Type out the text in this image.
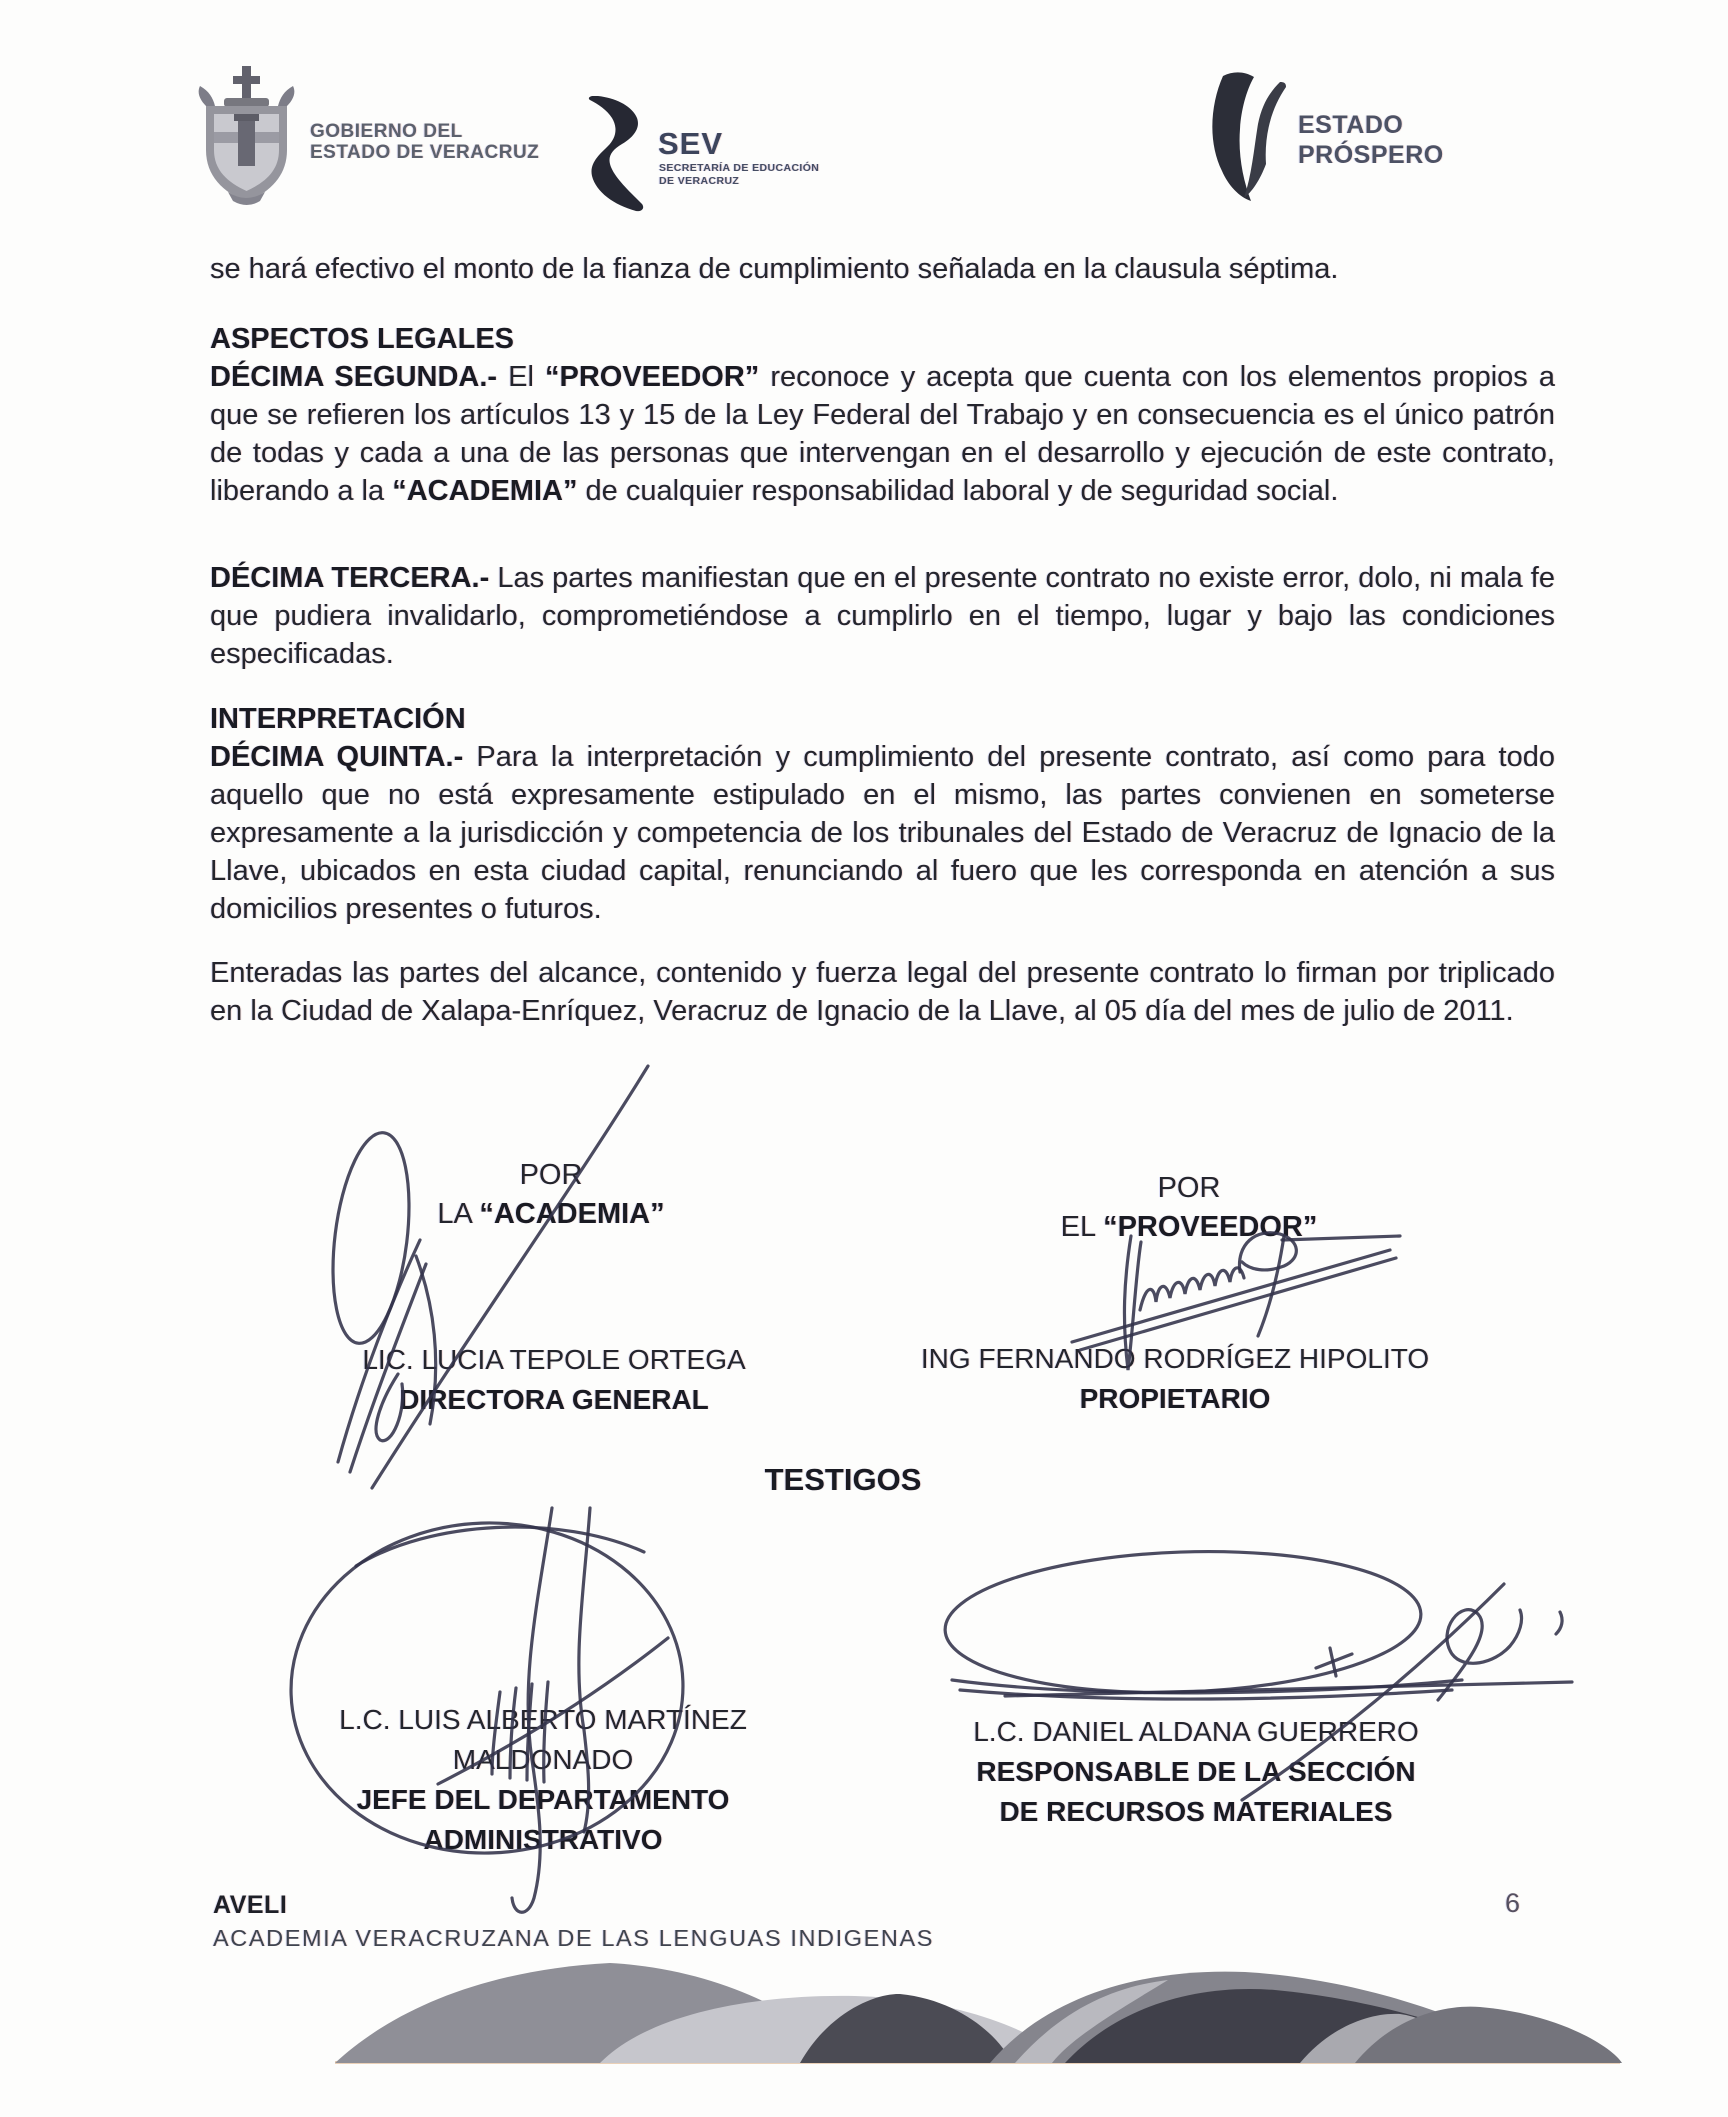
GOBIERNO DEL
ESTADO DE VERACRUZ	SEV
SECRETARÍA DE EDUCACIÓN
DE VERACRUZ
ESTADO
PRÓSPERO
se hará efectivo el monto de la fianza de cumplimiento señalada en la clausula séptima.
ASPECTOS LEGALES
DÉCIMA SEGUNDA.- El “PROVEEDOR” reconoce y acepta que cuenta con los elementos propios a que se refieren los artículos 13 y 15 de la Ley Federal del Trabajo y en consecuencia es el único patrón de todas y cada a una de las personas que intervengan en el desarrollo y ejecución de este contrato, liberando a la “ACADEMIA” de cualquier responsabilidad laboral y de seguridad social.
DÉCIMA TERCERA.- Las partes manifiestan que en el presente contrato no existe error, dolo, ni mala fe que pudiera invalidarlo, comprometiéndose a cumplirlo en el tiempo, lugar y bajo las condiciones especificadas.
INTERPRETACIÓN
DÉCIMA QUINTA.- Para la interpretación y cumplimiento del presente contrato, así como para todo aquello que no está expresamente estipulado en el mismo, las partes convienen en someterse expresamente a la jurisdicción y competencia de los tribunales del Estado de Veracruz de Ignacio de la Llave, ubicados en esta ciudad capital, renunciando al fuero que les corresponda en atención a sus domicilios presentes o futuros.
Enteradas las partes del alcance, contenido y fuerza legal del presente contrato lo firman por triplicado en la Ciudad de Xalapa-Enríquez, Veracruz de Ignacio de la Llave, al 05 día del mes de julio de 2011.
POR
LA “ACADEMIA”
POR
EL “PROVEEDOR”
LIC. LUCIA TEPOLE ORTEGA
DIRECTORA GENERAL
ING FERNANDO RODRÍGEZ HIPOLITO
PROPIETARIO
TESTIGOS
L.C. LUIS ALBERTO MARTÍNEZ
MALDONADO
JEFE DEL DEPARTAMENTO
ADMINISTRATIVO
L.C. DANIEL ALDANA GUERRERO
RESPONSABLE DE LA SECCIÓN
DE RECURSOS MATERIALES
AVELI
ACADEMIA VERACRUZANA DE LAS LENGUAS INDIGENAS
6
